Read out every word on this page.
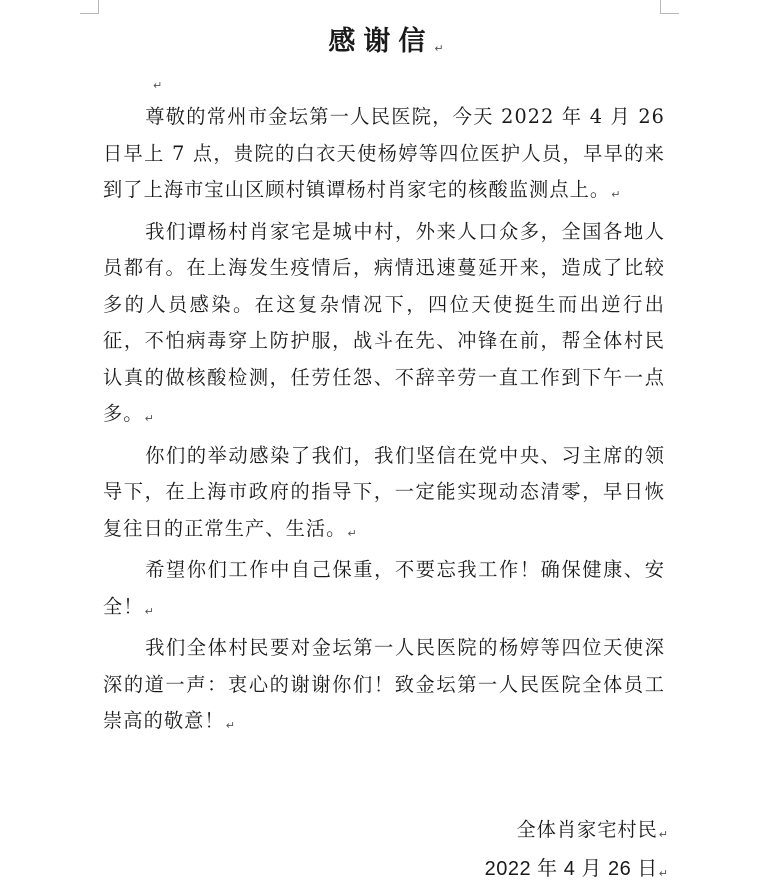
感谢信↵
↵

尊敬的常州市金坛第一人民医院，今天 2022 年 4 月 26 日早上 7 点，贵院的白衣天使杨婷等四位医护人员，早早的来到了上海市宝山区顾村镇谭杨村肖家宅的核酸监测点上。↵

我们谭杨村肖家宅是城中村，外来人口众多，全国各地人员都有。在上海发生疫情后，病情迅速蔓延开来，造成了比较多的人员感染。在这复杂情况下，四位天使挺生而出逆行出征，不怕病毒穿上防护服，战斗在先、冲锋在前，帮全体村民认真的做核酸检测，任劳任怨、不辞辛劳一直工作到下午一点多。↵

你们的举动感染了我们，我们坚信在党中央、习主席的领导下，在上海市政府的指导下，一定能实现动态清零，早日恢复往日的正常生产、生活。↵

希望你们工作中自己保重，不要忘我工作！确保健康、安全！↵

我们全体村民要对金坛第一人民医院的杨婷等四位天使深深的道一声：衷心的谢谢你们！致金坛第一人民医院全体员工崇高的敬意！↵

全体肖家宅村民↵
2022 年 4 月 26 日↵
